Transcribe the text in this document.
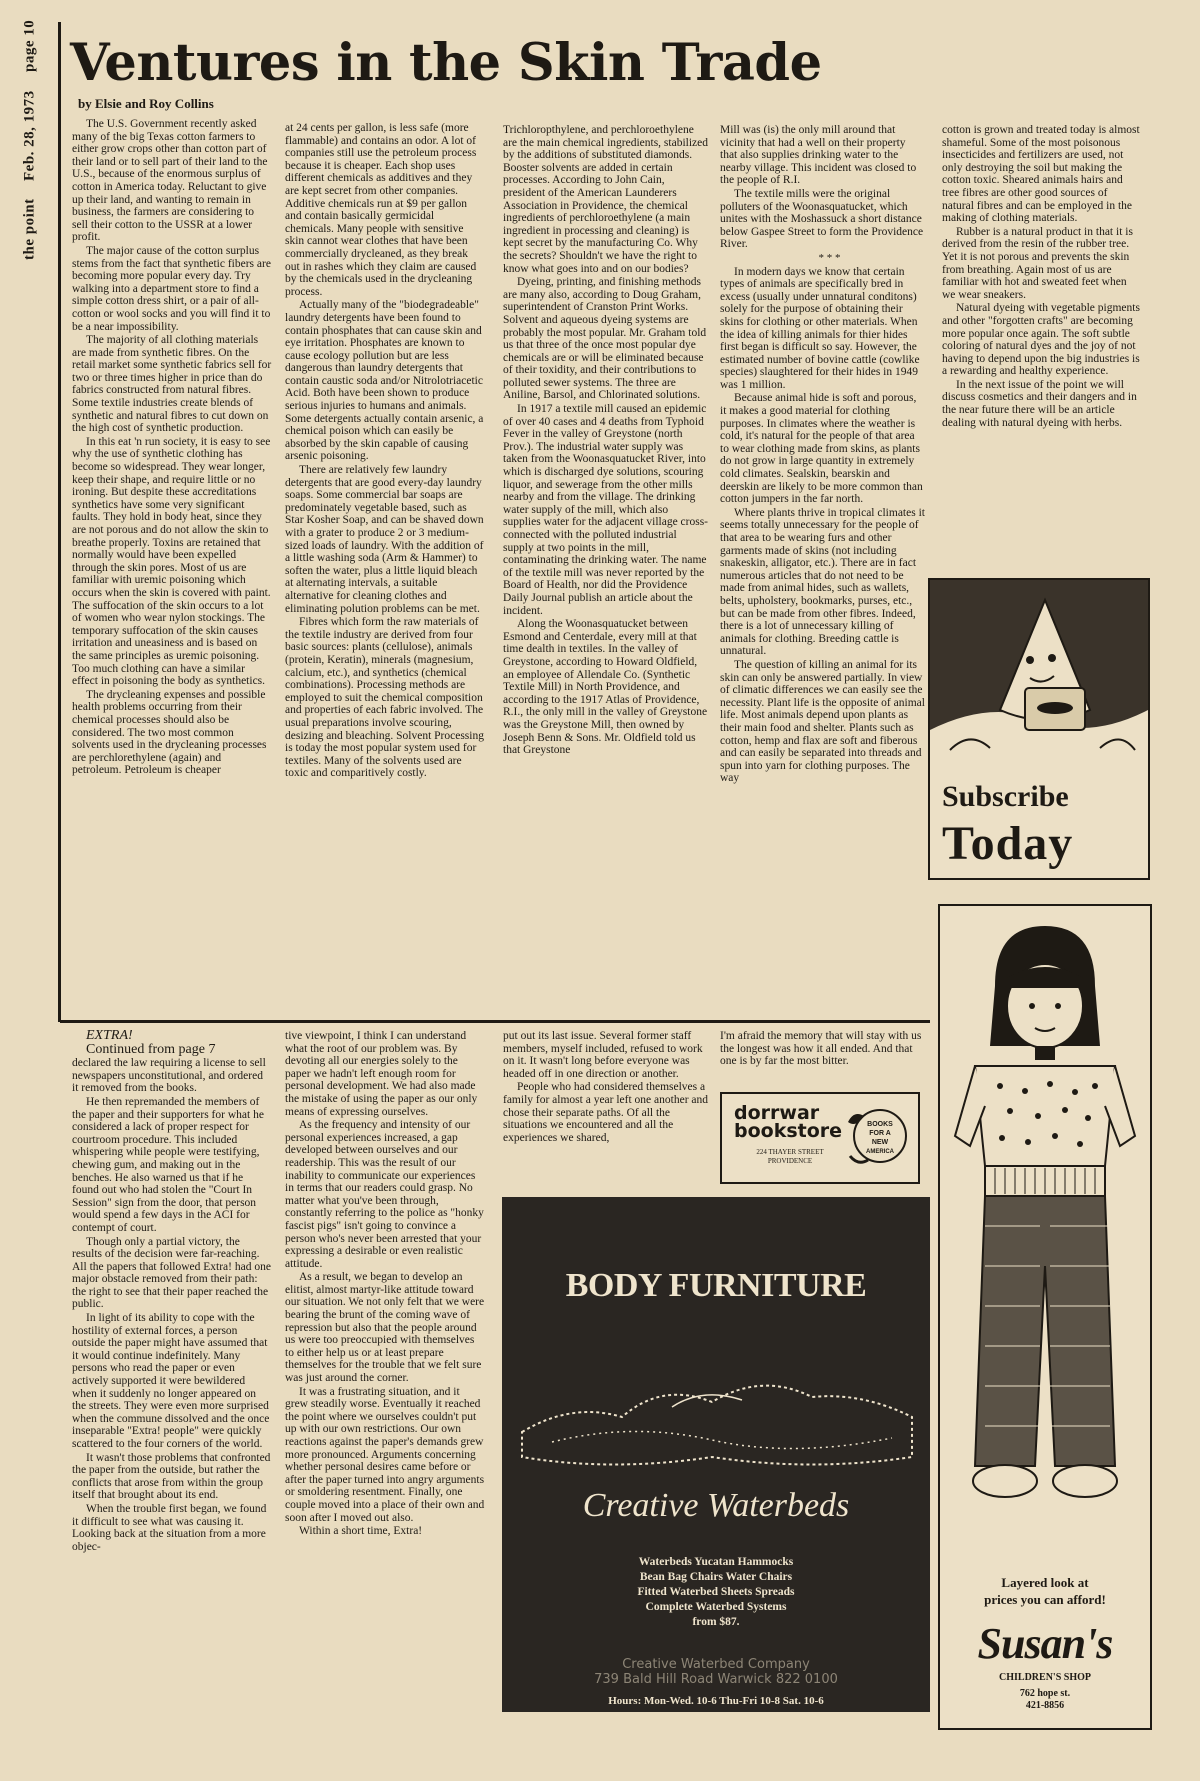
the point
Feb. 28, 1973
page 10 Ventures in the Skin Trade
by Elsie and Roy Collins

The U.S. Government recently asked many of the big Texas cotton farmers to either grow crops other than cotton part of their land or to sell part of their land to the U.S., because of the enormous surplus of cotton in America today. Reluctant to give up their land, and wanting to remain in business, the farmers are considering to sell their cotton to the USSR at a lower profit.

The major cause of the cotton surplus stems from the fact that synthetic fibers are becoming more popular every day. Try walking into a department store to find a simple cotton dress shirt, or a pair of all-cotton or wool socks and you will find it to be a near impossibility.

The majority of all clothing materials are made from synthetic fibres. On the retail market some synthetic fabrics sell for two or three times higher in price than do fabrics constructed from natural fibres. Some textile industries create blends of synthetic and natural fibres to cut down on the high cost of synthetic production.

In this eat 'n run society, it is easy to see why the use of synthetic clothing has become so widespread. They wear longer, keep their shape, and require little or no ironing. But despite these accreditations synthetics have some very significant faults. They hold in body heat, since they are not porous and do not allow the skin to breathe properly. Toxins are retained that normally would have been expelled through the skin pores. Most of us are familiar with uremic poisoning which occurs when the skin is covered with paint. The suffocation of the skin occurs to a lot of women who wear nylon stockings. The temporary suffocation of the skin causes irritation and uneasiness and is based on the same principles as uremic poisoning. Too much clothing can have a similar effect in poisoning the body as synthetics.

The drycleaning expenses and possible health problems occurring from their chemical processes should also be considered. The two most common solvents used in the drycleaning processes are perchlorethylene (again) and petroleum. Petroleum is cheaper

at 24 cents per gallon, is less safe (more flammable) and contains an odor. A lot of companies still use the petroleum process because it is cheaper. Each shop uses different chemicals as additives and they are kept secret from other companies. Additive chemicals run at $9 per gallon and contain basically germicidal chemicals. Many people with sensitive skin cannot wear clothes that have been commercially drycleaned, as they break out in rashes which they claim are caused by the chemicals used in the drycleaning process.

Actually many of the "biodegradeable" laundry detergents have been found to contain phosphates that can cause skin and eye irritation. Phosphates are known to cause ecology pollution but are less dangerous than laundry detergents that contain caustic soda and/or Nitrolotriacetic Acid. Both have been shown to produce serious injuries to humans and animals. Some detergents actually contain arsenic, a chemical poison which can easily be absorbed by the skin capable of causing arsenic poisoning.

There are relatively few laundry detergents that are good every-day laundry soaps. Some commercial bar soaps are predominately vegetable based, such as Star Kosher Soap, and can be shaved down with a grater to produce 2 or 3 medium-sized loads of laundry. With the addition of a little washing soda (Arm & Hammer) to soften the water, plus a little liquid bleach at alternating intervals, a suitable alternative for cleaning clothes and eliminating polution problems can be met.

Fibres which form the raw materials of the textile industry are derived from four basic sources: plants (cellulose), animals (protein, Keratin), minerals (magnesium, calcium, etc.), and synthetics (chemical combinations). Processing methods are employed to suit the chemical composition and properties of each fabric involved. The usual preparations involve scouring, desizing and bleaching. Solvent Processing is today the most popular system used for textiles. Many of the solvents used are toxic and comparitively costly.

Trichloropthylene, and perchloroethylene are the main chemical ingredients, stabilized by the additions of substituted diamonds. Booster solvents are added in certain processes. According to John Cain, president of the American Launderers Association in Providence, the chemical ingredients of perchloroethylene (a main ingredient in processing and cleaning) is kept secret by the manufacturing Co. Why the secrets? Shouldn't we have the right to know what goes into and on our bodies?

Dyeing, printing, and finishing methods are many also, according to Doug Graham, superintendent of Cranston Print Works. Solvent and aqueous dyeing systems are probably the most popular. Mr. Graham told us that three of the once most popular dye chemicals are or will be eliminated because of their toxidity, and their contributions to polluted sewer systems. The three are Aniline, Barsol, and Chlorinated solutions.

In 1917 a textile mill caused an epidemic of over 40 cases and 4 deaths from Typhoid Fever in the valley of Greystone (north Prov.). The industrial water supply was taken from the Woonasquatucket River, into which is discharged dye solutions, scouring liquor, and sewerage from the other mills nearby and from the village. The drinking water supply of the mill, which also supplies water for the adjacent village cross-connected with the polluted industrial supply at two points in the mill, contaminating the drinking water. The name of the textile mill was never reported by the Board of Health, nor did the Providence Daily Journal publish an article about the incident.

Along the Woonasquatucket between Esmond and Centerdale, every mill at that time dealth in textiles. In the valley of Greystone, according to Howard Oldfield, an employee of Allendale Co. (Synthetic Textile Mill) in North Providence, and according to the 1917 Atlas of Providence, R.I., the only mill in the valley of Greystone was the Greystone Mill, then owned by Joseph Benn & Sons. Mr. Oldfield told us that Greystone

Mill was (is) the only mill around that vicinity that had a well on their property that also supplies drinking water to the nearby village. This incident was closed to the people of R.I.

The textile mills were the original polluters of the Woonasquatucket, which unites with the Moshassuck a short distance below Gaspee Street to form the Providence River.

* * *

In modern days we know that certain types of animals are specifically bred in excess (usually under unnatural conditons) solely for the purpose of obtaining their skins for clothing or other materials. When the idea of killing animals for thier hides first began is difficult so say. However, the estimated number of bovine cattle (cowlike species) slaughtered for their hides in 1949 was 1 million.

Because animal hide is soft and porous, it makes a good material for clothing purposes. In climates where the weather is cold, it's natural for the people of that area to wear clothing made from skins, as plants do not grow in large quantity in extremely cold climates. Sealskin, bearskin and deerskin are likely to be more common than cotton jumpers in the far north.

Where plants thrive in tropical climates it seems totally unnecessary for the people of that area to be wearing furs and other garments made of skins (not including snakeskin, alligator, etc.). There are in fact numerous articles that do not need to be made from animal hides, such as wallets, belts, upholstery, bookmarks, purses, etc., but can be made from other fibres. Indeed, there is a lot of unnecessary killing of animals for clothing. Breeding cattle is unnatural.

The question of killing an animal for its skin can only be answered partially. In view of climatic differences we can easily see the necessity. Plant life is the opposite of animal life. Most animals depend upon plants as their main food and shelter. Plants such as cotton, hemp and flax are soft and fiberous and can easily be separated into threads and spun into yarn for clothing purposes. The way

cotton is grown and treated today is almost shameful. Some of the most poisonous insecticides and fertilizers are used, not only destroying the soil but making the cotton toxic. Sheared animals hairs and tree fibres are other good sources of natural fibres and can be employed in the making of clothing materials.

Rubber is a natural product in that it is derived from the resin of the rubber tree. Yet it is not porous and prevents the skin from breathing. Again most of us are familiar with hot and sweated feet when we wear sneakers.

Natural dyeing with vegetable pigments and other "forgotten crafts" are becoming more popular once again. The soft subtle coloring of natural dyes and the joy of not having to depend upon the big industries is a rewarding and healthy experience.

In the next issue of the point we will discuss cosmetics and their dangers and in the near future there will be an article dealing with natural dyeing with herbs.

Subscribe
Today

EXTRA!

Continued from page 7

declared the law requiring a license to sell newspapers unconstitutional, and ordered it removed from the books.

He then repremanded the members of the paper and their supporters for what he considered a lack of proper respect for courtroom procedure. This included whispering while people were testifying, chewing gum, and making out in the benches. He also warned us that if he found out who had stolen the "Court In Session" sign from the door, that person would spend a few days in the ACI for contempt of court.

Though only a partial victory, the results of the decision were far-reaching. All the papers that followed Extra! had one major obstacle removed from their path: the right to see that their paper reached the public.

In light of its ability to cope with the hostility of external forces, a person outside the paper might have assumed that it would continue indefinitely. Many persons who read the paper or even actively supported it were bewildered when it suddenly no longer appeared on the streets. They were even more surprised when the commune dissolved and the once inseparable "Extra! people" were quickly scattered to the four corners of the world.

It wasn't those problems that confronted the paper from the outside, but rather the conflicts that arose from within the group itself that brought about its end.

When the trouble first began, we found it difficult to see what was causing it. Looking back at the situation from a more objec-

tive viewpoint, I think I can understand what the root of our problem was. By devoting all our energies solely to the paper we hadn't left enough room for personal development. We had also made the mistake of using the paper as our only means of expressing ourselves.

As the frequency and intensity of our personal experiences increased, a gap developed between ourselves and our readership. This was the result of our inability to communicate our experiences in terms that our readers could grasp. No matter what you've been through, constantly referring to the police as "honky fascist pigs" isn't going to convince a person who's never been arrested that your expressing a desirable or even realistic attitude.

As a result, we began to develop an elitist, almost martyr-like attitude toward our situation. We not only felt that we were bearing the brunt of the coming wave of repression but also that the people around us were too preoccupied with themselves to either help us or at least prepare themselves for the trouble that we felt sure was just around the corner.

It was a frustrating situation, and it grew steadily worse. Eventually it reached the point where we ourselves couldn't put up with our own restrictions. Our own reactions against the paper's demands grew more pronounced. Arguments concerning whether personal desires came before or after the paper turned into angry arguments or smoldering resentment. Finally, one couple moved into a place of their own and soon after I moved out also.

Within a short time, Extra!

put out its last issue. Several former staff members, myself included, refused to work on it. It wasn't long before everyone was headed off in one direction or another.

People who had considered themselves a family for almost a year left one another and chose their separate paths. Of all the situations we encountered and all the experiences we shared,

I'm afraid the memory that will stay with us the longest was how it all ended. And that one is by far the most bitter.

dorrwar
bookstore
224 THAYER STREET
PROVIDENCE
BOOKS
FOR A
NEW
AMERICA
BODY FURNITURE
Creative Waterbeds
Waterbeds Yucatan Hammocks
Bean Bag Chairs Water Chairs
Fitted Waterbed Sheets Spreads
Complete Waterbed Systems
from $87.
Creative Waterbed Company
739 Bald Hill Road Warwick 822 0100
Hours: Mon-Wed. 10-6 Thu-Fri 10-8 Sat. 10-6
Layered look at
prices you can afford!
Susan's
CHILDREN'S SHOP
762 hope st.
421-8856
